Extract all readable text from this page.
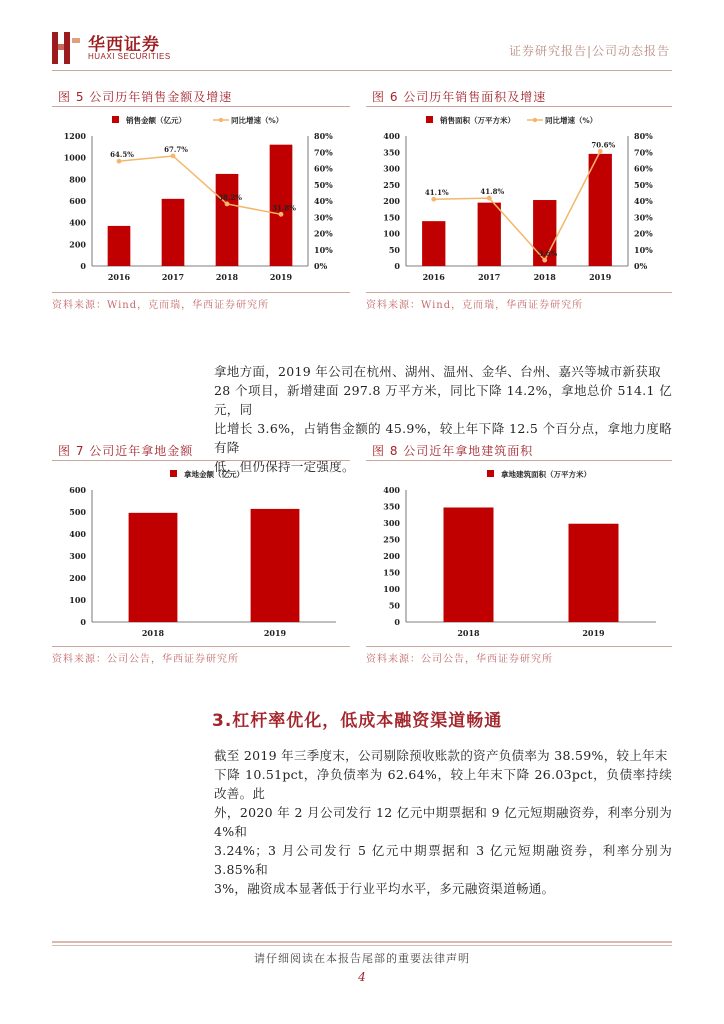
华西证券
HUAXI SECURITIES	证券研究报告|公司动态报告
图 5 公司历年销售金额及增速
销售金额（亿元）	同比增速（%）
0
200
400
600
800
1000
1200
0%
10%
20%
30%
40%
50%
60%
70%
80%
2016	2017	2018	2019
64.5%
67.7%
38.2%
31.8%
资料来源：Wind，克而瑞，华西证券研究所
图 6 公司历年销售面积及增速
销售面积（万平方米）	同比增速（%）
0
50
100
150
200
250
300
350
400
0%
10%
20%
30%
40%
50%
60%
70%
80%
2016	2017	2018	2019
41.1%	41.8%
3.6%
70.6%
资料来源：Wind，克而瑞，华西证券研究所
拿地方面，2019 年公司在杭州、湖州、温州、金华、台州、嘉兴等城市新获取
28 个项目，新增建面 297.8 万平方米，同比下降 14.2%，拿地总价 514.1 亿元，同
比增长 3.6%，占销售金额的 45.9%，较上年下降 12.5 个百分点，拿地力度略有降
低，但仍保持一定强度。
图 7 公司近年拿地金额
拿地金额（亿元）
0
100
200
300
400
500
600
2018	2019
资料来源：公司公告，华西证券研究所
图 8 公司近年拿地建筑面积
拿地建筑面积（万平方米）
0
50
100
150
200
250
300
350
400
2018	2019
资料来源：公司公告，华西证券研究所
3.杠杆率优化，低成本融资渠道畅通
截至 2019 年三季度末，公司剔除预收账款的资产负债率为 38.59%，较上年末
下降 10.51pct，净负债率为 62.64%，较上年末下降 26.03pct，负债率持续改善。此
外，2020 年 2 月公司发行 12 亿元中期票据和 9 亿元短期融资券，利率分别为 4%和
3.24%；3 月公司发行 5 亿元中期票据和 3 亿元短期融资券，利率分别为 3.85%和
3%，融资成本显著低于行业平均水平，多元融资渠道畅通。
请仔细阅读在本报告尾部的重要法律声明
4
